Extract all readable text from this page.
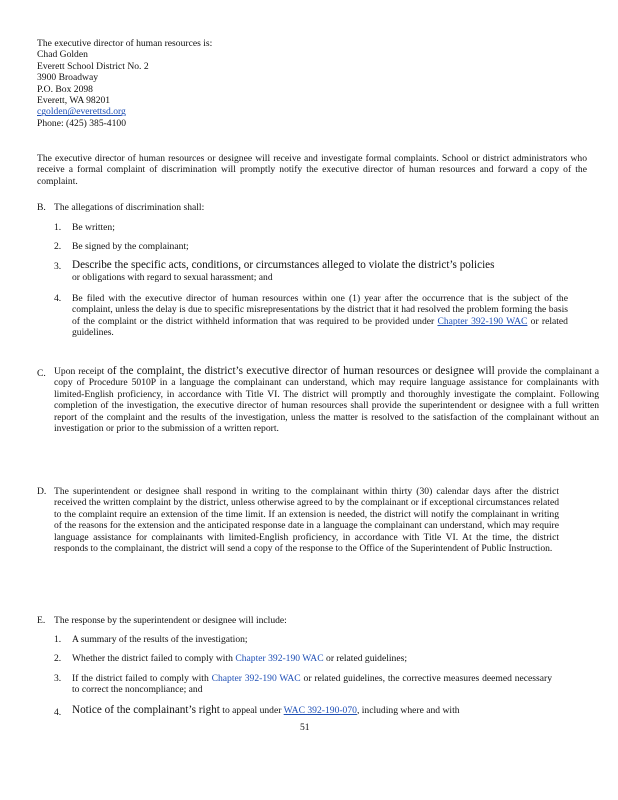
The executive director of human resources is:

Chad Golden

Everett School District No. 2

3900 Broadway

P.O. Box 2098

Everett, WA 98201

cgolden@everettsd.org

Phone: (425) 385-4100

The executive director of human resources or designee will receive and investigate formal complaints. School or district administrators who receive a formal complaint of discrimination will promptly notify the executive director of human resources and forward a copy of the complaint.

B. The allegations of discrimination shall:
1. Be written;
2. Be signed by the complainant;
3. Describe the specific acts, conditions, or circumstances alleged to violate the district’s policies

or obligations with regard to sexual harassment; and

4. Be filed with the executive director of human resources within one (1) year after the occurrence that is the subject of the complaint, unless the delay is due to specific misrepresentations by the district that it had resolved the problem forming the basis of the complaint or the district withheld information that was required to be provided under Chapter 392-190 WAC or related guidelines.

C. Upon receipt of the complaint, the district’s executive director of human resources or designee will provide the complainant a copy of Procedure 5010P in a language the complainant can understand, which may require language assistance for complainants with limited-English proficiency, in accordance with Title VI. The district will promptly and thoroughly investigate the complaint. Following completion of the investigation, the executive director of human resources shall provide the superintendent or designee with a full written report of the complaint and the results of the investigation, unless the matter is resolved to the satisfaction of the complainant without an investigation or prior to the submission of a written report.

D. The superintendent or designee shall respond in writing to the complainant within thirty (30) calendar days after the district received the written complaint by the district, unless otherwise agreed to by the complainant or if exceptional circumstances related to the complaint require an extension of the time limit. If an extension is needed, the district will notify the complainant in writing of the reasons for the extension and the anticipated response date in a language the complainant can understand, which may require language assistance for complainants with limited-English proficiency, in accordance with Title VI. At the time, the district responds to the complainant, the district will send a copy of the response to the Office of the Superintendent of Public Instruction.

E. The response by the superintendent or designee will include:
1. A summary of the results of the investigation;
2. Whether the district failed to comply with Chapter 392-190 WAC or related guidelines;
3. If the district failed to comply with Chapter 392-190 WAC or related guidelines, the corrective measures deemed necessary to correct the noncompliance; and

4. Notice of the complainant’s right to appeal under WAC 392-190-070, including where and with
51
